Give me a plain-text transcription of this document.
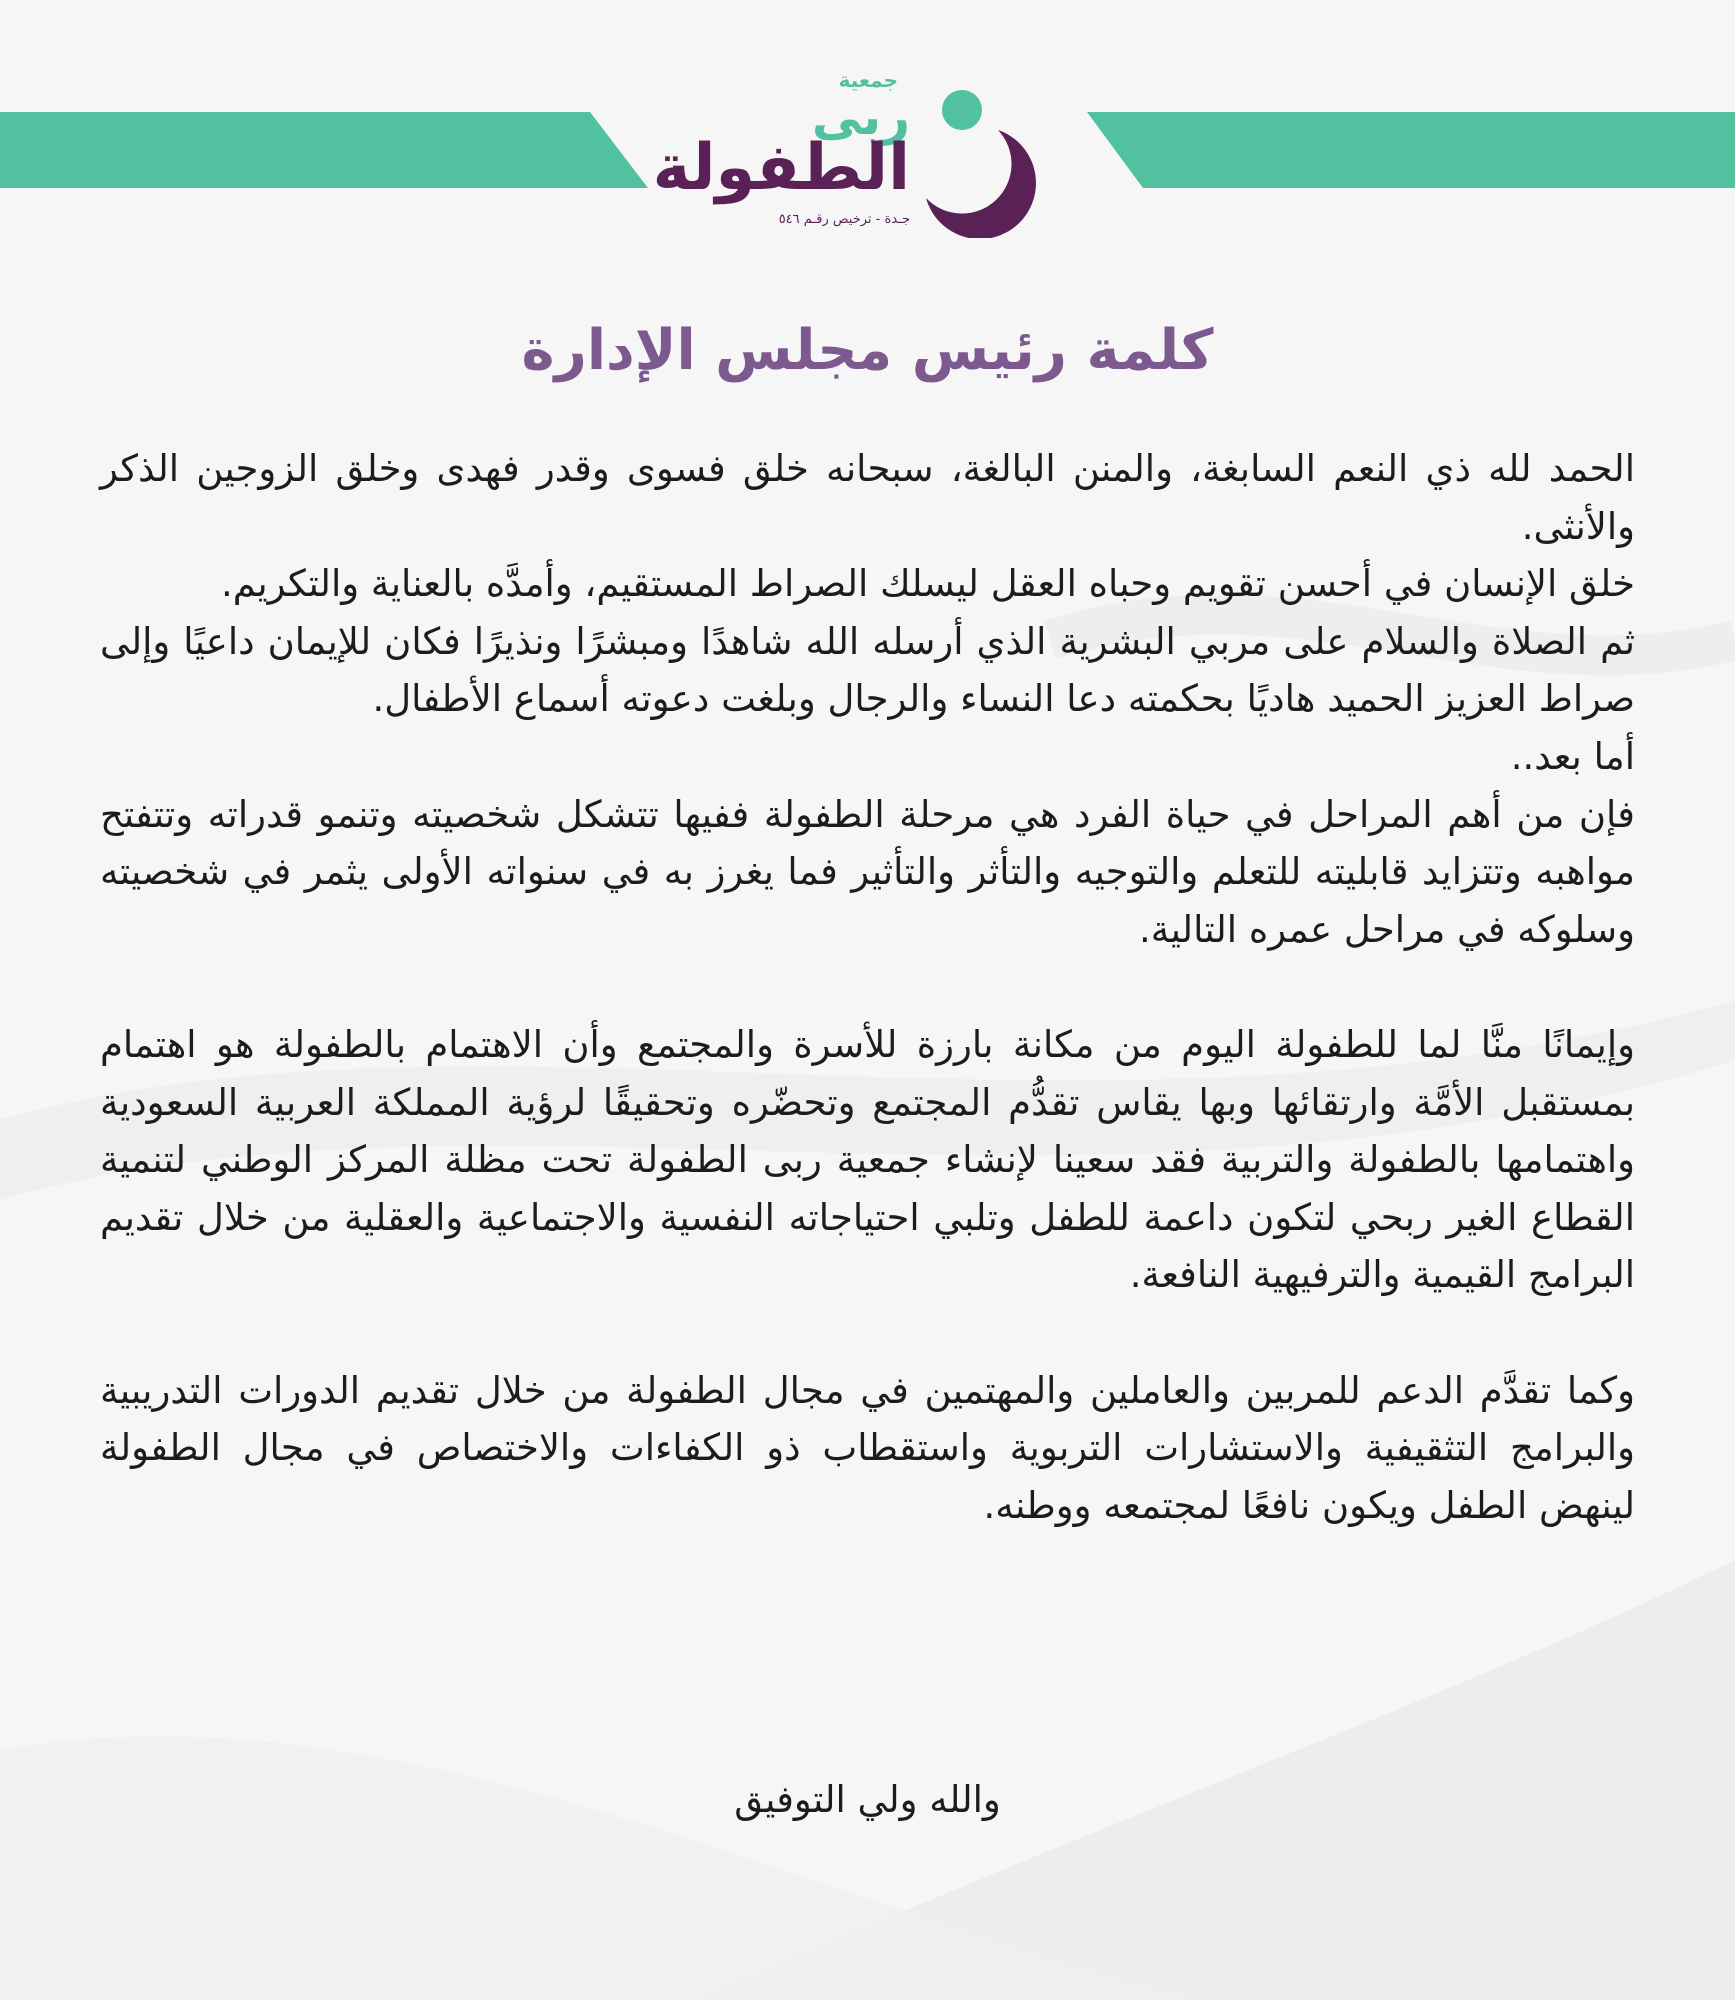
جمعية
ربى
الطفولة
جـدة - ترخيص رقـم ٥٤٦
كلمة رئيس مجلس الإدارة

الحمد لله ذي النعم السابغة، والمنن البالغة، سبحانه خلق فسوى وقدر فهدى وخلق الزوجين الذكر والأنثى.

خلق الإنسان في أحسن تقويم وحباه العقل ليسلك الصراط المستقيم، وأمدَّه بالعناية والتكريم.

ثم الصلاة والسلام على مربي البشرية الذي أرسله الله شاهدًا ومبشرًا ونذيرًا فكان للإيمان داعيًا وإلى صراط العزيز الحميد هاديًا بحكمته دعا النساء والرجال وبلغت دعوته أسماع الأطفال.

أما بعد..

فإن من أهم المراحل في حياة الفرد هي مرحلة الطفولة ففيها تتشكل شخصيته وتنمو قدراته وتتفتح مواهبه وتتزايد قابليته للتعلم والتوجيه والتأثر والتأثير فما يغرز به في سنواته الأولى يثمر في شخصيته وسلوكه في مراحل عمره التالية.

وإيمانًا منَّا لما للطفولة اليوم من مكانة بارزة للأسرة والمجتمع وأن الاهتمام بالطفولة هو اهتمام بمستقبل الأمَّة وارتقائها وبها يقاس تقدُّم المجتمع وتحضّره وتحقيقًا لرؤية المملكة العربية السعودية واهتمامها بالطفولة والتربية فقد سعينا لإنشاء جمعية ربى الطفولة تحت مظلة المركز الوطني لتنمية القطاع الغير ربحي لتكون داعمة للطفل وتلبي احتياجاته النفسية والاجتماعية والعقلية من خلال تقديم البرامج القيمية والترفيهية النافعة.

وكما تقدَّم الدعم للمربين والعاملين والمهتمين في مجال الطفولة من خلال تقديم الدورات التدريبية والبرامج التثقيفية والاستشارات التربوية واستقطاب ذو الكفاءات والاختصاص في مجال الطفولة لينهض الطفل ويكون نافعًا لمجتمعه ووطنه.

والله ولي التوفيق
